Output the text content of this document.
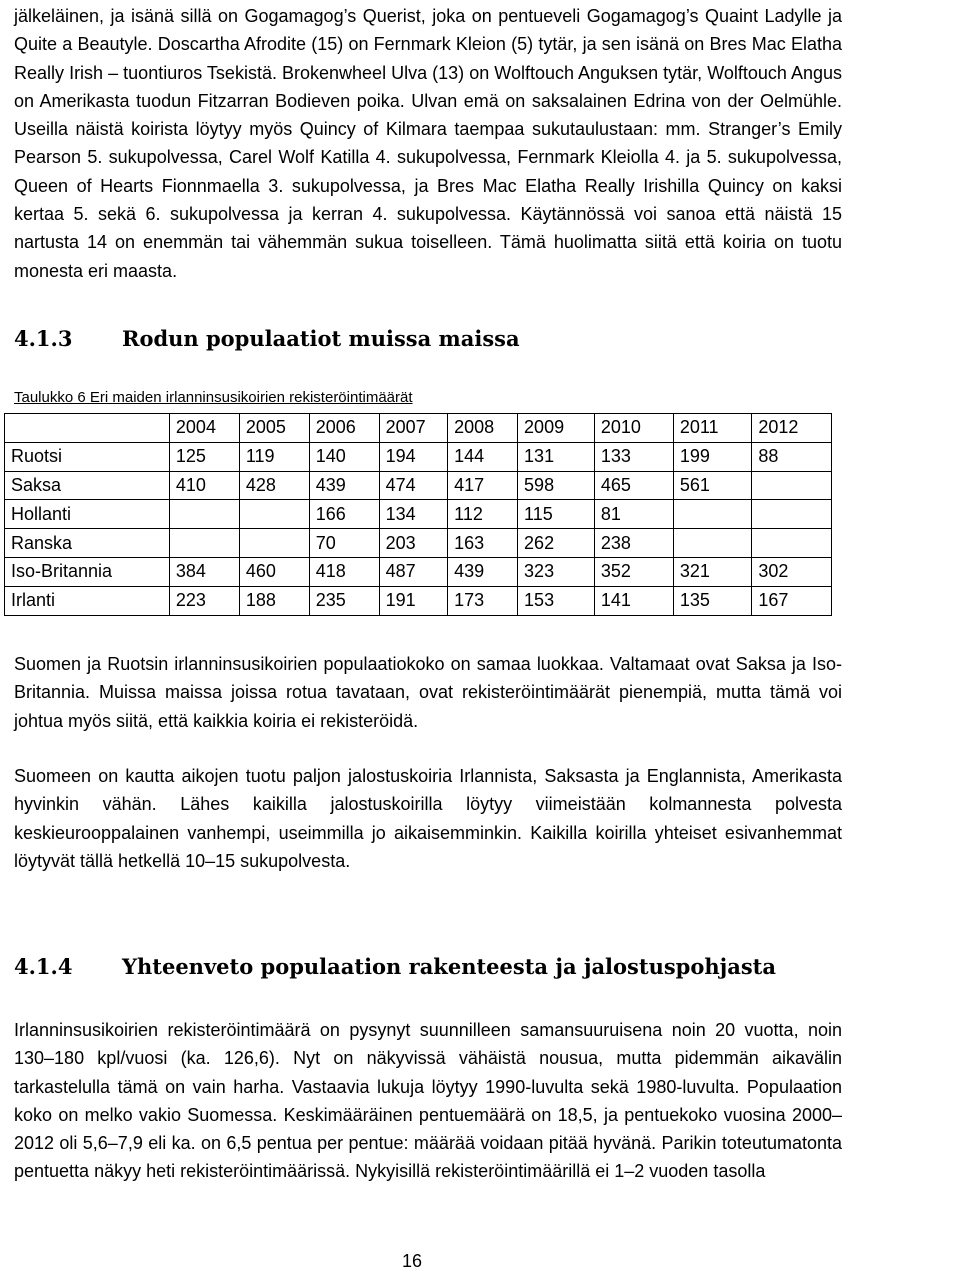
jälkeläinen, ja isänä sillä on Gogamagog’s Querist, joka on pentueveli Gogamagog’s Quaint Ladylle ja Quite a Beautyle. Doscartha Afrodite (15) on Fernmark Kleion (5) tytär, ja sen isänä on Bres Mac Elatha Really Irish – tuontiuros Tsekistä. Brokenwheel Ulva (13) on Wolftouch Anguksen tytär, Wolftouch Angus on Amerikasta tuodun Fitzarran Bodieven poika. Ulvan emä on saksalainen Edrina von der Oelmühle. Useilla näistä koirista löytyy myös Quincy of Kilmara taempaa sukutaulustaan: mm. Stranger’s Emily Pearson 5. sukupolvessa, Carel Wolf Katilla 4. sukupolvessa, Fernmark Kleiolla 4. ja 5. sukupolvessa, Queen of Hearts Fionnmaella 3. sukupolvessa, ja Bres Mac Elatha Really Irishilla Quincy on kaksi kertaa 5. sekä 6. sukupolvessa ja kerran 4. sukupolvessa. Käytännössä voi sanoa että näistä 15 nartusta 14 on enemmän tai vähemmän sukua toiselleen. Tämä huolimatta siitä että koiria on tuotu monesta eri maasta.

4.1.3 Rodun populaatiot muissa maissa
Taulukko 6 Eri maiden irlanninsusikoirien rekisteröintimäärät
	2004	2005	2006	2007	2008	2009	2010	2011	2012
Ruotsi	125	119	140	194	144	131	133	199	88
Saksa	410	428	439	474	417	598	465	561	
Hollanti			166	134	112	115	81		
Ranska			70	203	163	262	238		
Iso-Britannia	384	460	418	487	439	323	352	321	302
Irlanti	223	188	235	191	173	153	141	135	167

Suomen ja Ruotsin irlanninsusikoirien populaatiokoko on samaa luokkaa. Valtamaat ovat Saksa ja Iso-Britannia. Muissa maissa joissa rotua tavataan, ovat rekisteröintimäärät pienempiä, mutta tämä voi johtua myös siitä, että kaikkia koiria ei rekisteröidä.

Suomeen on kautta aikojen tuotu paljon jalostuskoiria Irlannista, Saksasta ja Englannista, Amerikasta hyvinkin vähän. Lähes kaikilla jalostuskoirilla löytyy viimeistään kolmannesta polvesta keskieurooppalainen vanhempi, useimmilla jo aikaisemminkin. Kaikilla koirilla yhteiset esivanhemmat löytyvät tällä hetkellä 10–15 sukupolvesta.

4.1.4 Yhteenveto populaation rakenteesta ja jalostuspohjasta

Irlanninsusikoirien rekisteröintimäärä on pysynyt suunnilleen samansuuruisena noin 20 vuotta, noin 130–180 kpl/vuosi (ka. 126,6). Nyt on näkyvissä vähäistä nousua, mutta pidemmän aikavälin tarkastelulla tämä on vain harha. Vastaavia lukuja löytyy 1990-luvulta sekä 1980-luvulta. Populaation koko on melko vakio Suomessa. Keskimääräinen pentuemäärä on 18,5, ja pentuekoko vuosina 2000–2012 oli 5,6–7,9 eli ka. on 6,5 pentua per pentue: määrää voidaan pitää hyvänä. Parikin toteutumatonta pentuetta näkyy heti rekisteröintimäärissä. Nykyisillä rekisteröintimäärillä ei 1–2 vuoden tasolla

16
